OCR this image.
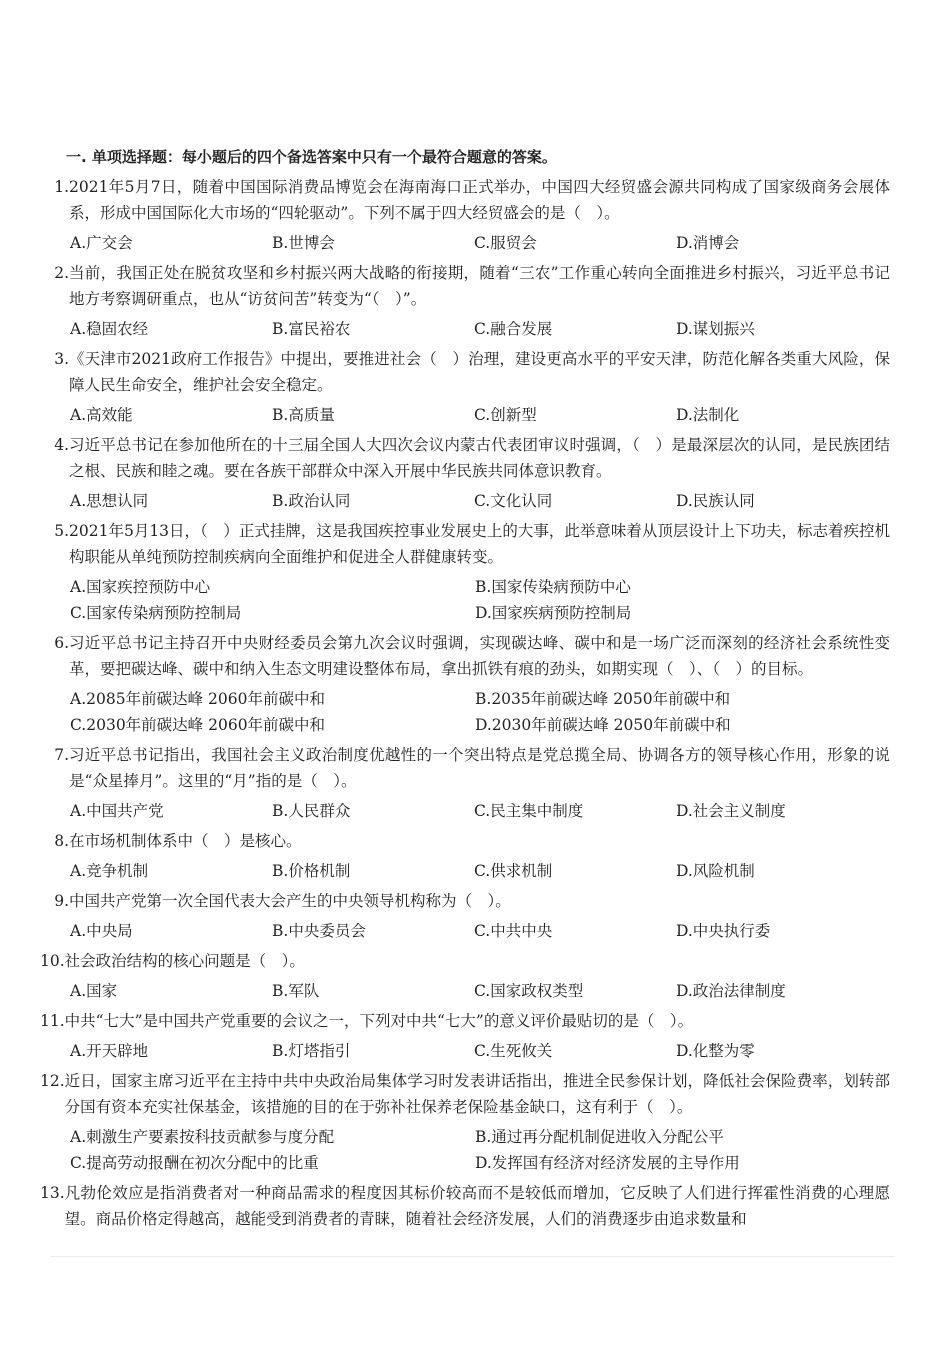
一. 单项选择题：每小题后的四个备选答案中只有一个最符合题意的答案。
1. 2021年5月7日，随着中国国际消费品博览会在海南海口正式举办，中国四大经贸盛会源共同构成了国家级商务会展体系，形成中国国际化大市场的“四轮驱动”。下列不属于四大经贸盛会的是（　）。
A.广交会	B.世博会	C.服贸会	D.消博会
2. 当前，我国正处在脱贫攻坚和乡村振兴两大战略的衔接期，随着“三农”工作重心转向全面推进乡村振兴，习近平总书记地方考察调研重点，也从“访贫问苦”转变为“（　）”。
A.稳固农经	B.富民裕农	C.融合发展	D.谋划振兴
3. 《天津市2021政府工作报告》中提出，要推进社会（　）治理，建设更高水平的平安天津，防范化解各类重大风险，保障人民生命安全，维护社会安全稳定。
A.高效能	B.高质量	C.创新型	D.法制化
4. 习近平总书记在参加他所在的十三届全国人大四次会议内蒙古代表团审议时强调，（　）是最深层次的认同，是民族团结之根、民族和睦之魂。要在各族干部群众中深入开展中华民族共同体意识教育。
A.思想认同	B.政治认同	C.文化认同	D.民族认同
5. 2021年5月13日，（　）正式挂牌，这是我国疾控事业发展史上的大事，此举意味着从顶层设计上下功夫，标志着疾控机构职能从单纯预防控制疾病向全面维护和促进全人群健康转变。
A.国家疾控预防中心	B.国家传染病预防中心
C.国家传染病预防控制局	D.国家疾病预防控制局
6. 习近平总书记主持召开中央财经委员会第九次会议时强调，实现碳达峰、碳中和是一场广泛而深刻的经济社会系统性变革，要把碳达峰、碳中和纳入生态文明建设整体布局，拿出抓铁有痕的劲头，如期实现（　）、（　）的目标。
A.2085年前碳达峰 2060年前碳中和	B.2035年前碳达峰 2050年前碳中和
C.2030年前碳达峰 2060年前碳中和	D.2030年前碳达峰 2050年前碳中和
7. 习近平总书记指出，我国社会主义政治制度优越性的一个突出特点是党总揽全局、协调各方的领导核心作用，形象的说是“众星捧月”。这里的“月”指的是（　）。
A.中国共产党	B.人民群众	C.民主集中制度	D.社会主义制度
8. 在市场机制体系中（　）是核心。
A.竞争机制	B.价格机制	C.供求机制	D.风险机制
9. 中国共产党第一次全国代表大会产生的中央领导机构称为（　）。
A.中央局	B.中央委员会	C.中共中央	D.中央执行委
10. 社会政治结构的核心问题是（　）。
A.国家	B.军队	C.国家政权类型	D.政治法律制度
11. 中共“七大”是中国共产党重要的会议之一，下列对中共“七大”的意义评价最贴切的是（　）。
A.开天辟地	B.灯塔指引	C.生死攸关	D.化整为零
12. 近日，国家主席习近平在主持中共中央政治局集体学习时发表讲话指出，推进全民参保计划，降低社会保险费率，划转部分国有资本充实社保基金，该措施的目的在于弥补社保养老保险基金缺口，这有利于（　）。
A.刺激生产要素按科技贡献参与度分配	B.通过再分配机制促进收入分配公平
C.提高劳动报酬在初次分配中的比重	D.发挥国有经济对经济发展的主导作用
13. 凡勃伦效应是指消费者对一种商品需求的程度因其标价较高而不是较低而增加，它反映了人们进行挥霍性消费的心理愿望。商品价格定得越高，越能受到消费者的青睐，随着社会经济发展，人们的消费逐步由追求数量和
